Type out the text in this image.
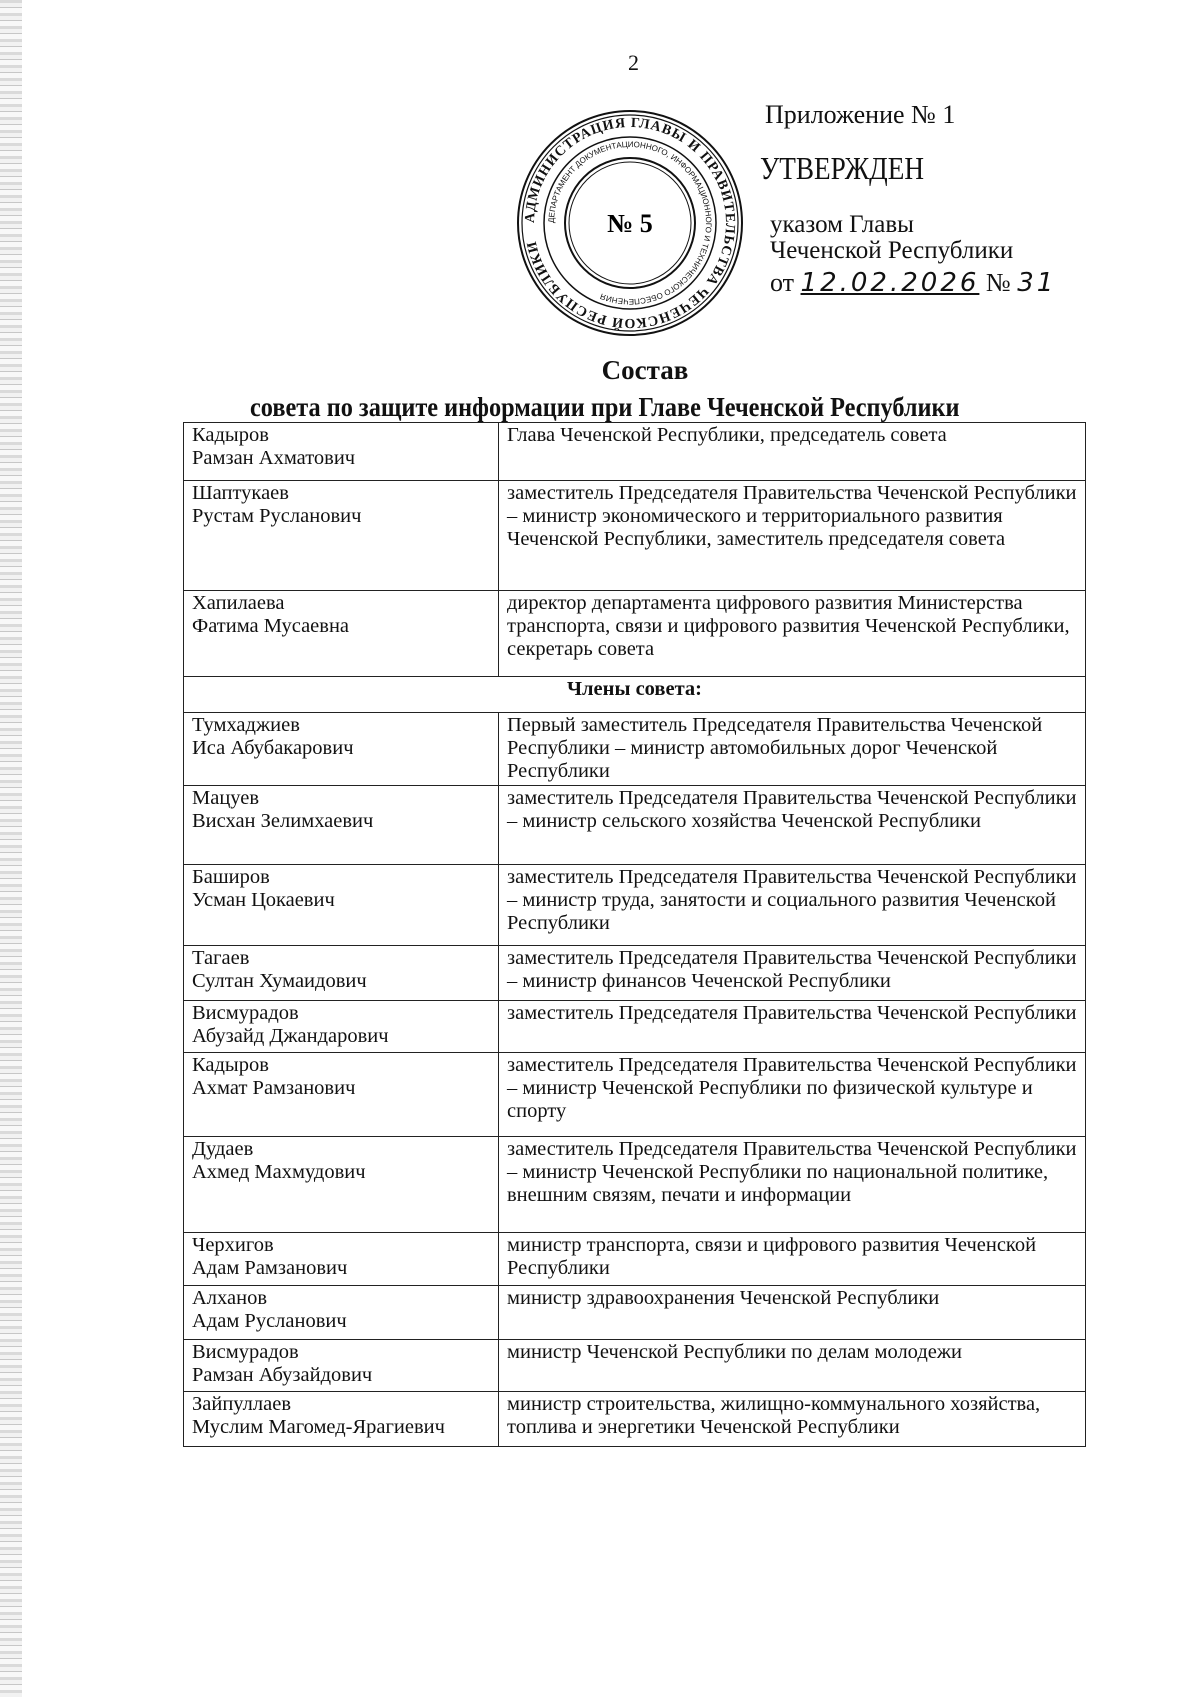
2
Приложение № 1
УТВЕРЖДЕН
указом Главы
Чеченской Республики
от 12.02.2026 № 31
АДМИНИСТРАЦИЯ ГЛАВЫ И ПРАВИТЕЛЬСТВА ЧЕЧЕНСКОЙ РЕСПУБЛИКИ
ДЕПАРТАМЕНТ ДОКУМЕНТАЦИОННОГО, ИНФОРМАЦИОННОГО И ТЕХНИЧЕСКОГО ОБЕСПЕЧЕНИЯ
№ 5
Состав
совета по защите информации при Главе Чеченской Республики
Кадыров
Рамзан Ахматович	Глава Чеченской Республики, председатель совета

Шаптукаев
Рустам Русланович	заместитель Председателя Правительства Чеченской Республики – министр экономического и территориального развития Чеченской Республики, заместитель председателя совета

Хапилаева
Фатима Мусаевна	директор департамента цифрового развития Министерства транспорта, связи и цифрового развития Чеченской Республики, секретарь совета
Члены совета:	

Тумхаджиев
Иса Абубакарович	Первый заместитель Председателя Правительства Чеченской Республики – министр автомобильных дорог Чеченской Республики

Мацуев
Висхан Зелимхаевич	заместитель Председателя Правительства Чеченской Республики – министр сельского хозяйства Чеченской Республики

Баширов
Усман Цокаевич	заместитель Председателя Правительства Чеченской Республики – министр труда, занятости и социального развития Чеченской Республики

Тагаев
Султан Хумаидович	заместитель Председателя Правительства Чеченской Республики – министр финансов Чеченской Республики

Висмурадов
Абузайд Джандарович	заместитель Председателя Правительства Чеченской Республики

Кадыров
Ахмат Рамзанович	заместитель Председателя Правительства Чеченской Республики – министр Чеченской Республики по физической культуре и спорту

Дудаев
Ахмед Махмудович	заместитель Председателя Правительства Чеченской Республики – министр Чеченской Республики по национальной политике, внешним связям, печати и информации

Черхигов
Адам Рамзанович	министр транспорта, связи и цифрового развития Чеченской Республики

Алханов
Адам Русланович	министр здравоохранения Чеченской Республики

Висмурадов
Рамзан Абузайдович	министр Чеченской Республики по делам молодежи

Зайпуллаев
Муслим Магомед-Ярагиевич	министр строительства, жилищно-коммунального хозяйства, топлива и энергетики Чеченской Республики
